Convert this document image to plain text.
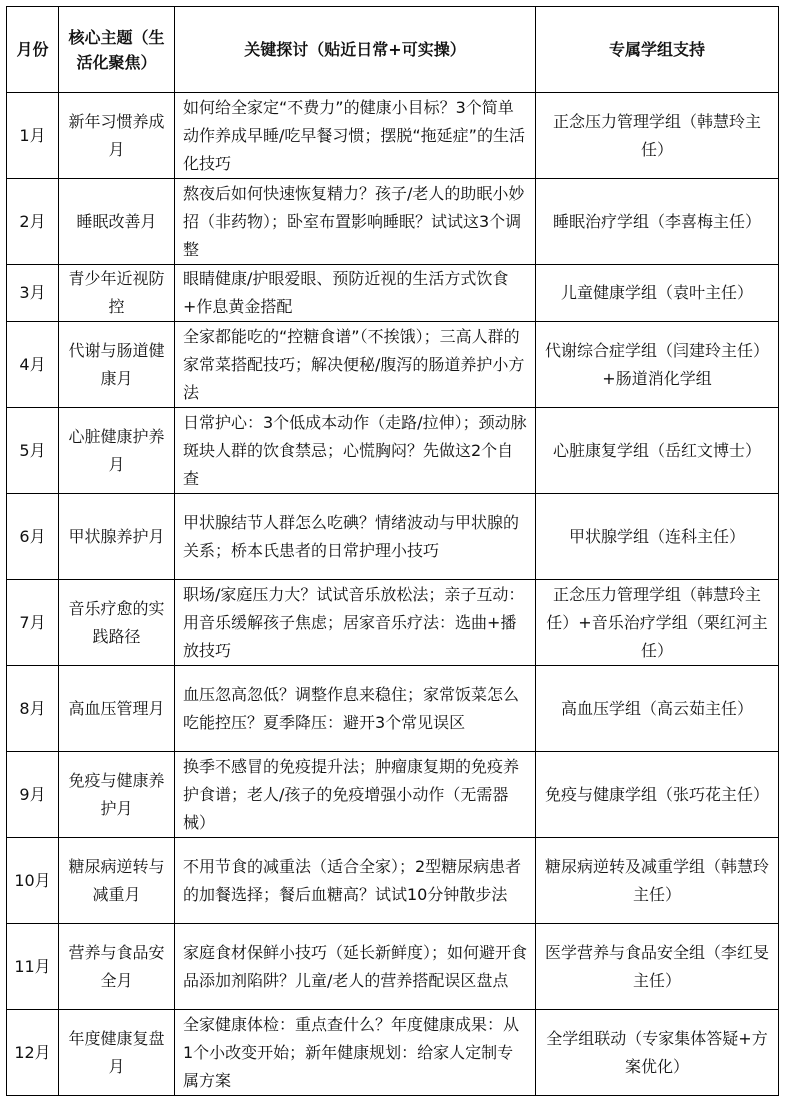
月份	核心主题（生活化聚焦）	关键探讨（贴近日常+可实操）	专属学组支持
1月	新年习惯养成月	如何给全家定“不费力”的健康小目标？3个简单动作养成早睡/吃早餐习惯；摆脱“拖延症”的生活化技巧	正念压力管理学组（韩慧玲主任）
2月	睡眠改善月	熬夜后如何快速恢复精力？孩子/老人的助眠小妙招（非药物）；卧室布置影响睡眠？试试这3个调整	睡眠治疗学组（李喜梅主任）
3月	青少年近视防控	眼睛健康/护眼爱眼、预防近视的生活方式饮食+作息黄金搭配	儿童健康学组（袁叶主任）
4月	代谢与肠道健康月	全家都能吃的“控糖食谱”（不挨饿）；三高人群的家常菜搭配技巧；解决便秘/腹泻的肠道养护小方法	代谢综合症学组（闫建玲主任）+肠道消化学组
5月	心脏健康护养月	日常护心：3个低成本动作（走路/拉伸）；颈动脉斑块人群的饮食禁忌；心慌胸闷？先做这2个自查	心脏康复学组（岳红文博士）
6月	甲状腺养护月	甲状腺结节人群怎么吃碘？情绪波动与甲状腺的关系；桥本氏患者的日常护理小技巧	甲状腺学组（连科主任）
7月	音乐疗愈的实践路径	职场/家庭压力大？试试音乐放松法；亲子互动：用音乐缓解孩子焦虑；居家音乐疗法：选曲+播放技巧	正念压力管理学组（韩慧玲主任）+音乐治疗学组（栗红河主任）
8月	高血压管理月	血压忽高忽低？调整作息来稳住；家常饭菜怎么吃能控压？夏季降压：避开3个常见误区	高血压学组（高云茹主任）
9月	免疫与健康养护月	换季不感冒的免疫提升法；肿瘤康复期的免疫养护食谱；老人/孩子的免疫增强小动作（无需器械）	免疫与健康学组（张巧花主任）
10月	糖尿病逆转与减重月	不用节食的减重法（适合全家）；2型糖尿病患者的加餐选择；餐后血糖高？试试10分钟散步法	糖尿病逆转及减重学组（韩慧玲主任）
11月	营养与食品安全月	家庭食材保鲜小技巧（延长新鲜度）；如何避开食品添加剂陷阱？儿童/老人的营养搭配误区盘点	医学营养与食品安全组（李红旻主任）
12月	年度健康复盘月	全家健康体检：重点查什么？年度健康成果：从1个小改变开始；新年健康规划：给家人定制专属方案	全学组联动（专家集体答疑+方案优化）
